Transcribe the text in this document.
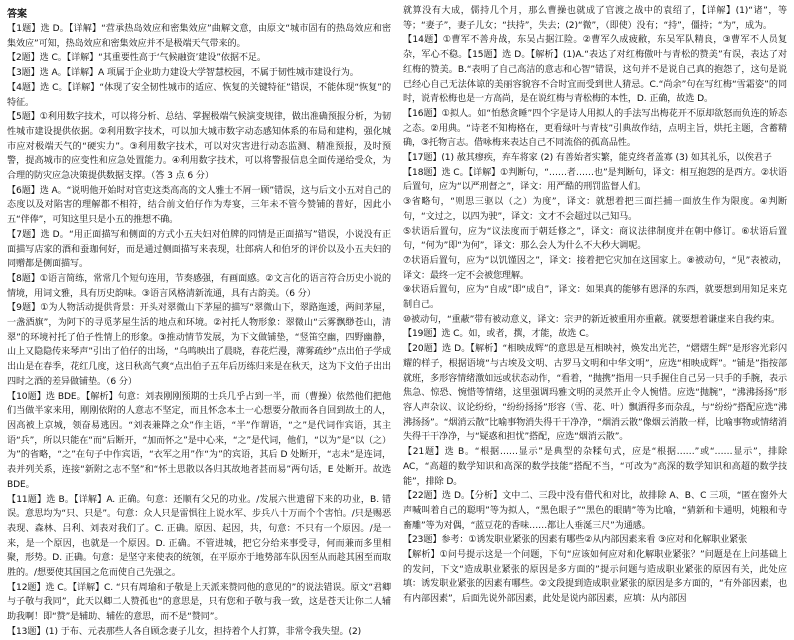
答案

【1题】选 D。【详解】“营承热岛效应和密集效应”曲解文意，由原文“城市固有的热岛效应和密集效应”可知，热岛效应和密集效应并不是极端天气带来的。

【2题】选 C。【详解】“其重要性高于‘气候融资’建设”依据不足。

【3题】选 A。【详解】A 项属于企业助力建设大学智慧校园，不属于韧性城市建设行为。

【4题】选 C。【详解】“体现了安全韧性城市的适应、恢复的关键特征”错误，不能体现“恢复”的特征。

【5题】①利用数字技术，可以将分析、总结、掌握极端气候演变规律，做出准确预报分析，为韧性城市建设提供依据。②利用数字技术，可以加大城市数字动态感知体系的布局和建构，强化城市应对极端天气的“硬实力”。③利用数字技术，可以对灾害进行动态监测、精准预报，及时预警，提高城市的应变性和应急处置能力。④利用数字技术，可以将警报信息全面传递给受众，为合理的防灾应急决策提供数据支撑。（答 3 点 6 分）

【6题】选 A。“说明他开始时对官吏这类高高的文人雅士不屑一顾”错误，这与后文小五对自己的态度以及对陷害的理解都不相符，结合前文伯仔作为寿宴，三年未不管今赞铺的普好，因此小五“伴俸”，可知这里只是小五的推想不确。

【7题】选 D。“用正面描写和侧面的方式小五夫妇对伯牌的同情是正面描写”错误，小说没有正面描写店家的酒和蚕珈何好，而是通过侧面描写来表现，壮郎病人和伯牙的评价以及小五夫妇的同赠都是侧面描写。

【8题】①语言简练，常常几个短句连用，节奏感强，有画面感。②文言化的语言符合历史小说的情境，用词文雅，具有历史韵味。③语言风格清新流通，具有古韵美。（6 分）

【9题】①为人物活动提供背景：开头对翠微山下茅屋的描写“翠微山下，翠路迤逶，两间茅屋，一盏酒旗”，为阿下的寻觅茅屋生活的地点和环境。②衬托人物形象：翠微山“云雾飘缈苍山，清翠”的环境衬托了伯子性情上的形象。③推动情节发展，为下文做铺垫，“竖笛空幽，四野幽静，山上又隐隐传来琴声”引出了伯仔的出场，“乌鸣映出了晨晓，春花烂漫，薄雾疏纱”点出伯子学成出山是在春季，花红几度，这日秋高气爽“点出伯子五年后历练归来是在秋天，这为下文伯子出出四时之酒的差异做铺垫。（6 分）

【10题】选 BDE。【解析】句意：刘表刚刚预期的士兵几乎占到一半，而（曹操）依然他们把他们当做半家来用，刚刚依附的人意志不坚定，而且怀念本土一心想要分散而各自回到故土的人，因高被上京城，领奋易逃因。“刘表兼降之众”作主语，“半”作谓语，“之”是代词作宾语，其主语“兵”，所以只能在“而”后断开，“加而怀之”是中心来，“之”是代词，他们，“以为”是“以（之）为”的省略，“之”在句子中作宾语，“衣军之用”作“为”的宾语，其后 D 处断开，“志未”是连词，表并列关系，连接“新附之志不坚”和“怀土思散以各归其故地者甚而易”两句话，E 处断开。故选 BDE。

【11题】选 B。【详解】A. 正确。句意：还顺有父兄的功业。/发展六世遗留下来的功业，B. 错误。意思均为“只、只是”。句意：众人只是雷惧往上说水军、步兵八十万而个个害怕。/只是赐恶表现、森林、吕利、刘表对我们了。C. 正确。原因、起因，共，句意：不只有一个原因。/是一来，是一个原因，也就是一个原因。D. 正确。不管进城，把它分给来事受寻，何而兼而多里相聚，形势。D. 正确。句意：是坚守来使表的统领，在平原亦于地势部车队因至从而趁其困至而取胜的。/想要使其国国之危而使自己先强之。

【12题】选 C。【详解】C. “只有周瑜和子敬是上天派来赞同他的意见的”的说法错误。原文“君卿与子敬与我同”，此天以卿二人赞孤也“的意思是，只有您和子敬与我一致，这是苍天让你二人辅助我啊！即“赞”是辅助、辅佐的意思，而不是“赞同”。

【13题】(1) 于布、元表那些人各自顾念妻子儿女，担持着个人打算，非常令我失望。(2)

就算没有大成，儒持几个月，那么曹操也就成了官渡之战中的袁绍了，【详解】(1)“诸”，等等；“妻子”，妻子儿女；“扶持”，失去；(2)“微”，（即使）没有；“持”，僵持；“为”，成为。

【14题】①曹军不善舟战，东吴占据江险。②曹军久成疲敝，东吴军队精良，③曹军不人员复杂，军心不稳。【15题】选 D。【解析】(1)A.“表达了对红梅傲叶与青松的赞美”有误，表达了对红梅的赞美。B.“表明了自己高洁的意志和心智”错误，这句并不是说自己真的抱怨了，这句是说已经心自己无法体谅的美丽容貌容不合时宜而受到世人猜忌。C.“尚余”句在写红梅“雪霜姿”的同时，说青松梅也是一方高尚，是在说红梅与青松梅的本性，D. 正确，故选 D。

【16题】①拟人。如“怕愁贪睡”四个字是诗人用拟人的手法写出梅花开不原却欲怒而负连的矫态之态。②用典。“诗老不知梅格在，更看绿叶与青枝”引典故作结，点明主旨，烘托主题，含蓄精确，③托物言志。借咏梅来表达自己不同流俗的孤高品性。

【17题】(1) 赦其瘳疾，弃车将家 (2) 有善始者实繁，能克终者盖寡 (3) 如其礼乐，以俟君子

【18题】选 C。【详解】①判断句，“……者……也”是判断句，译文：相互抱怨的是西方。②状语后置句，应为“以严刑督之”，译文：用严酷的刑罚监督人们。

③省略句，“则思三驱以（之）为度”，译文：就想着把三面拦捕一面放生作为限度。④判断句，“文过之，以四为驶”，译文：文才不会超过以己知马。

⑤状语后置句，应为“议法度而于朝廷修之”，译文：商议法律制度并在朝中修订。⑥状语后置句，“何为”即“为何”，译文：那么会人为什么不大秒大调呢。

⑦状语后置句，应为“以饥馑因之”，译文：接着把它灾加在这国家上。⑧被动句，“见”表被动，译文：最终一定不会被您理解。

⑨状语后置句，应为“自成”即“成自”，译文：如果真的能够有恩泽的东西，就要想到用知足来克制自己。

⑩被动句，“重蔽”带有被动意义，译文：宗尹的新近被重用亦重蔽。就要想着谦虚来自我约束。

【19题】选 C。如，或者，撰，才能，故选 C。

【20题】选 D。【解析】“相映成辉”的意思是互相映衬，焕发出光芒，“熠熠生辉”是形容光彩闪耀的样子，根据语境“与古埃及文明、古罗马文明和中华文明”，应选“相映成辉”。“铺是”指按部就班，多形容情绪激如远或状态动作，“看着，“抛携”指用一只手握住自己另一只手的手腕，表示焦急、惊恐、惋惜等情绪，这里强调玛雅文明的灵然开止令人惋惜。应选“抛腕”，“沸沸扬扬”形容人声杂议、议论纷纷，“纷纷扬扬”形容（雪、花、叶）飘洒得多而杂乱，与“纷纷”搭配应选“沸沸扬扬”。“烟消云散”比喻事物消失得干干净净，“烟消云散”像烟云消散一样，比喻事物或情绪消失得干干净净，与“疑惑和担忧”搭配，应选“烟消云散”。

【21题】选 B。“根据……显示”是典型的杂糅句式，应是“根据……”或“……显示”，排除 AC，“高超的数学知识和高深的数学技能”搭配不当，“可改为”高深的数学知识和高超的数学技能”，排除 D。

【22题】选 D。【分析】文中二、三段中没有借代和对比，故排除 A、B、C 三项，“匿在窗外大声喊叫着自己的聪明”等为拟人，“黑色眼子”“黑色的眼睛”等为比喻，“猜新和卡通明，炖粮和寺畜雕”等为对偶，“蓝豆花的香味……都让人垂涎三尺”为通感。

【23题】参考：①诱发职业紧张的因素有哪些②从内部因素来看 ③应对和化解职业紧张

【解析】①问号提示这是一个问题，下句“应该如何应对和化解职业紧张？”问题是在上问基础上的发问，下文“造成职业紧张的原因是多方面的”提示问题与造成职业紧张的原因有关，此处应填：诱发职业紧张的因素有哪些。②文段提到造成职业紧张的原因是多方面的，“有外部因素，也有内部因素”，后面先说外部因素，此处是说内部因素，应填：从内部因
